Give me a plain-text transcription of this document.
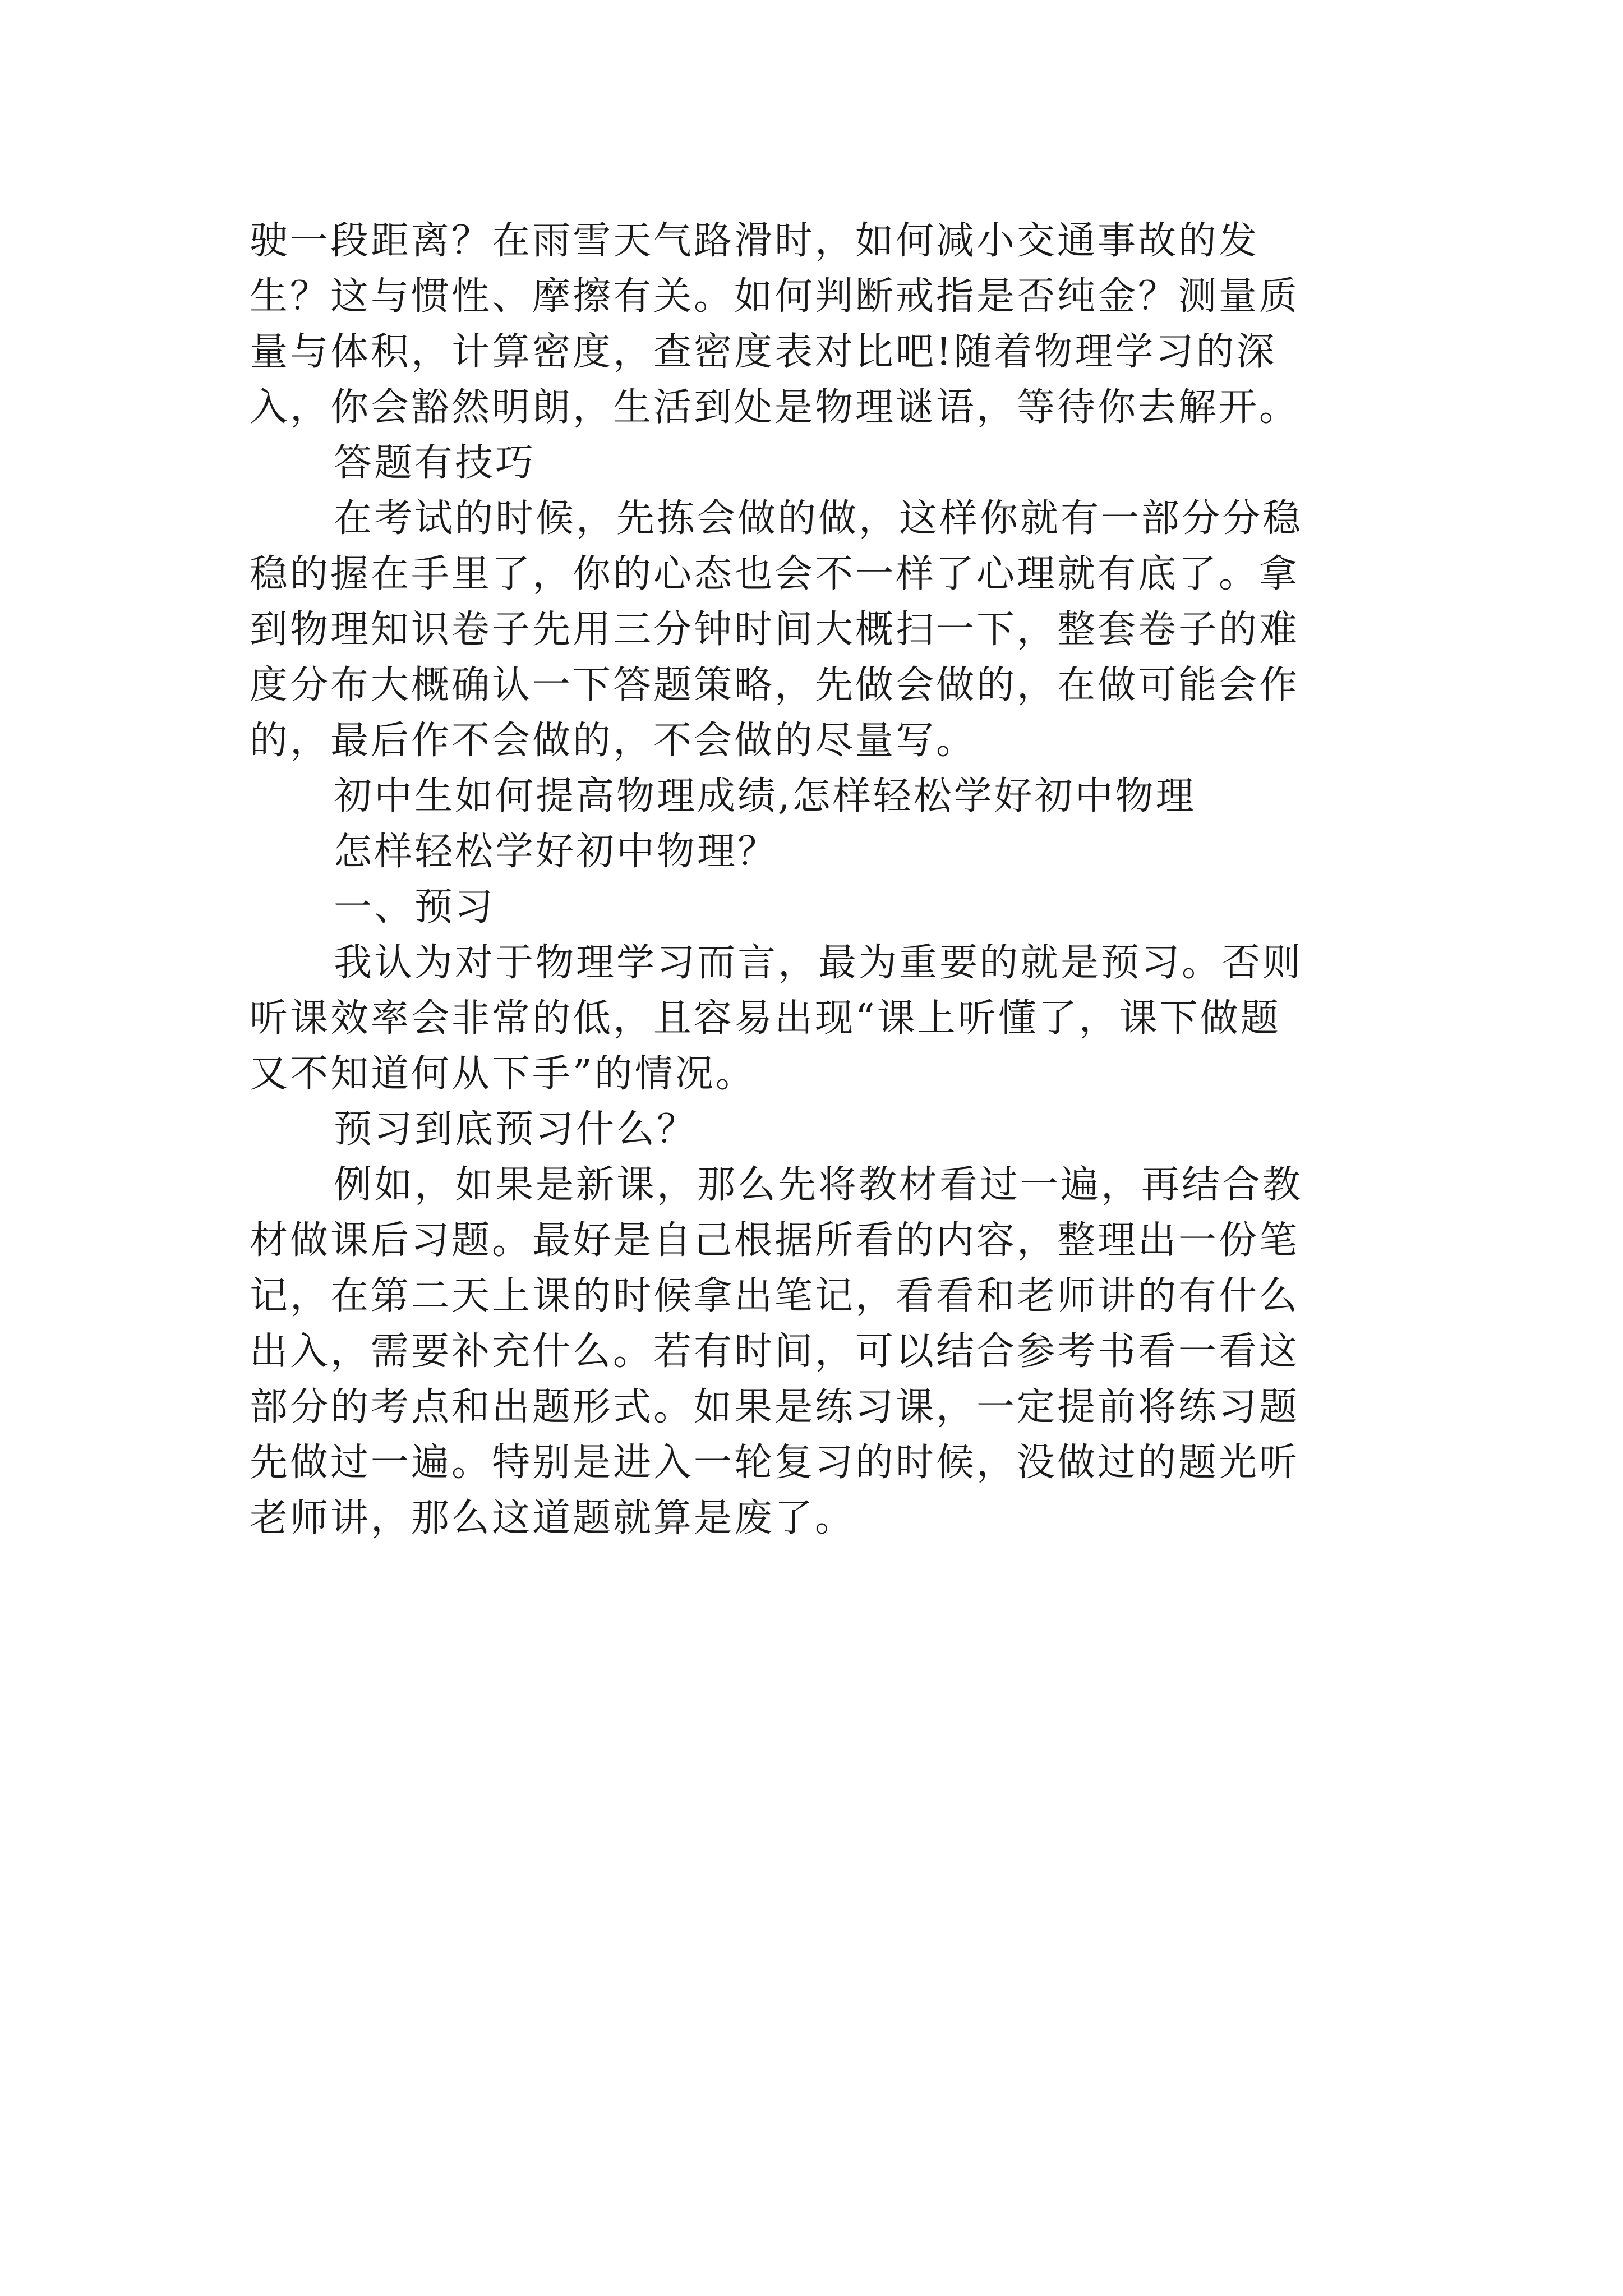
驶一段距离？在雨雪天气路滑时，如何减小交通事故的发
生？这与惯性、摩擦有关。如何判断戒指是否纯金？测量质
量与体积，计算密度，查密度表对比吧!随着物理学习的深
入，你会豁然明朗，生活到处是物理谜语，等待你去解开。
答题有技巧
在考试的时候，先拣会做的做，这样你就有一部分分稳
稳的握在手里了，你的心态也会不一样了心理就有底了。拿
到物理知识卷子先用三分钟时间大概扫一下，整套卷子的难
度分布大概确认一下答题策略，先做会做的，在做可能会作
的，最后作不会做的，不会做的尽量写。
初中生如何提高物理成绩,怎样轻松学好初中物理
怎样轻松学好初中物理？
一、预习
我认为对于物理学习而言，最为重要的就是预习。否则
听课效率会非常的低，且容易出现“课上听懂了，课下做题
又不知道何从下手”的情况。
预习到底预习什么？
例如，如果是新课，那么先将教材看过一遍，再结合教
材做课后习题。最好是自己根据所看的内容，整理出一份笔
记，在第二天上课的时候拿出笔记，看看和老师讲的有什么
出入，需要补充什么。若有时间，可以结合参考书看一看这
部分的考点和出题形式。如果是练习课，一定提前将练习题
先做过一遍。特别是进入一轮复习的时候，没做过的题光听
老师讲，那么这道题就算是废了。
